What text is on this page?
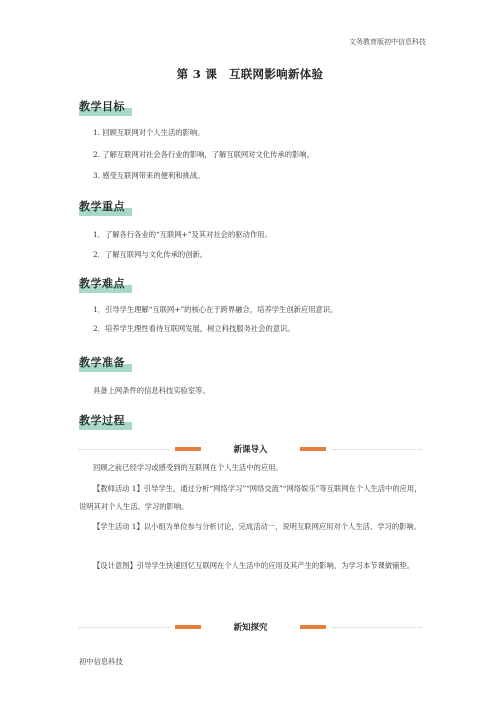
文务教育版初中信息科技
第 3 课　互联网影响新体验
教学目标
1. 回顾互联网对个人生活的影响。
2. 了解互联网对社会各行业的影响，了解互联网对文化传承的影响。
3. 感受互联网带来的便利和挑战。
教学重点
1．了解各行各业的“互联网+”及其对社会的驱动作用。
2．了解互联网与文化传承的创新。
教学难点
1．引导学生理解“互联网+”的核心在于跨界融合，培养学生创新应用意识。
2．培养学生理性看待互联网发展，树立科技服务社会的意识。
教学准备
具备上网条件的信息科技实验室等。
教学过程
新课导入
回顾之前已经学习或感受到的互联网在个人生活中的应用。
【教师活动 1】引导学生，通过分析“网络学习”“网络交流”“网络娱乐”等互联网在个人生活中的应用，说明其对个人生活、学习的影响。
【学生活动 1】以小组为单位参与分析讨论，完成活动一，说明互联网应用对个人生活、学习的影响。
【设计意图】引导学生快速回忆互联网在个人生活中的应用及其产生的影响，为学习本节课做铺垫。
新知探究
初中信息科技
